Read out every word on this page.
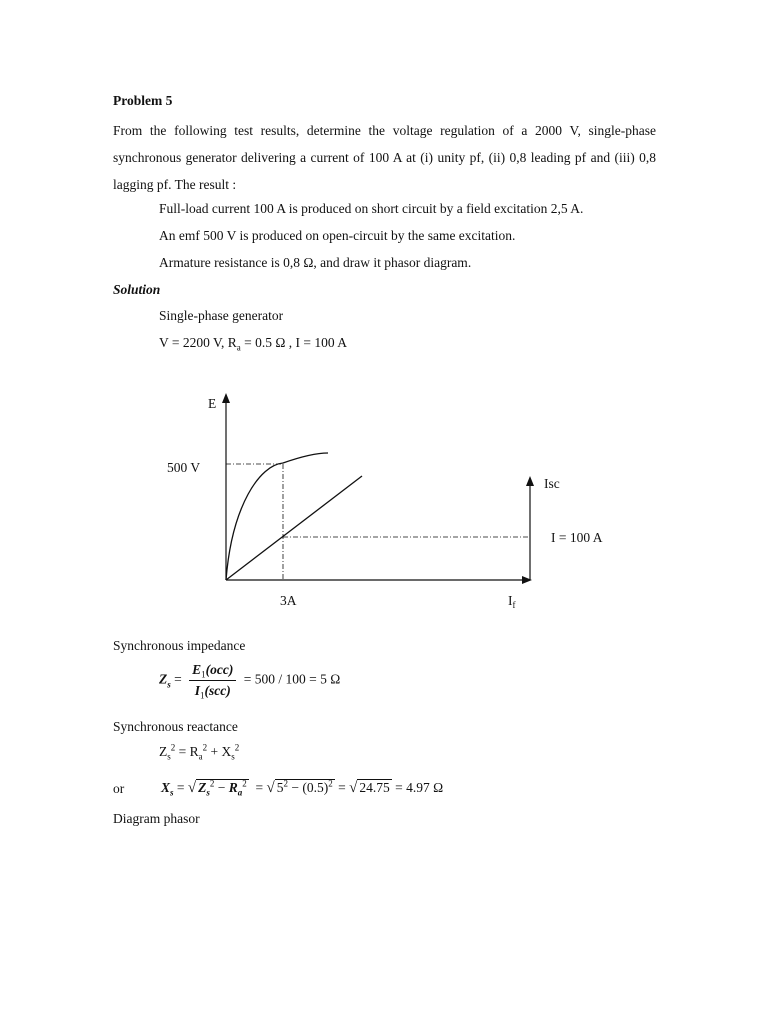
Problem 5
From the following test results, determine the voltage regulation of a 2000 V, single-phase synchronous generator delivering a current of 100 A at (i) unity pf, (ii) 0,8 leading pf and (iii) 0,8 lagging pf. The result :
Full-load current 100 A is produced on short circuit by a field excitation 2,5 A.
An emf 500 V is produced on open-circuit by the same excitation.
Armature resistance is 0,8 Ω, and draw it phasor diagram.
Solution
Single-phase generator
V = 2200 V, $R_a = 0.5$ Ω , I = 100 A
E
500 V
Isc
I = 100 A
3A	$I_f$
Synchronous impedance
$Z_s = \frac{E_1(occ)}{I_1(scc)} = 500 / 100 = 5$ Ω
Synchronous reactance
$Z_s^2 = R_a^2 + X_s^2$
or	$X_s$ = √ $Z_s^2 - R_a^2$ = √ $5^2 - (0.5)^2$ = √ 24.75 = 4.97 Ω
Diagram phasor
